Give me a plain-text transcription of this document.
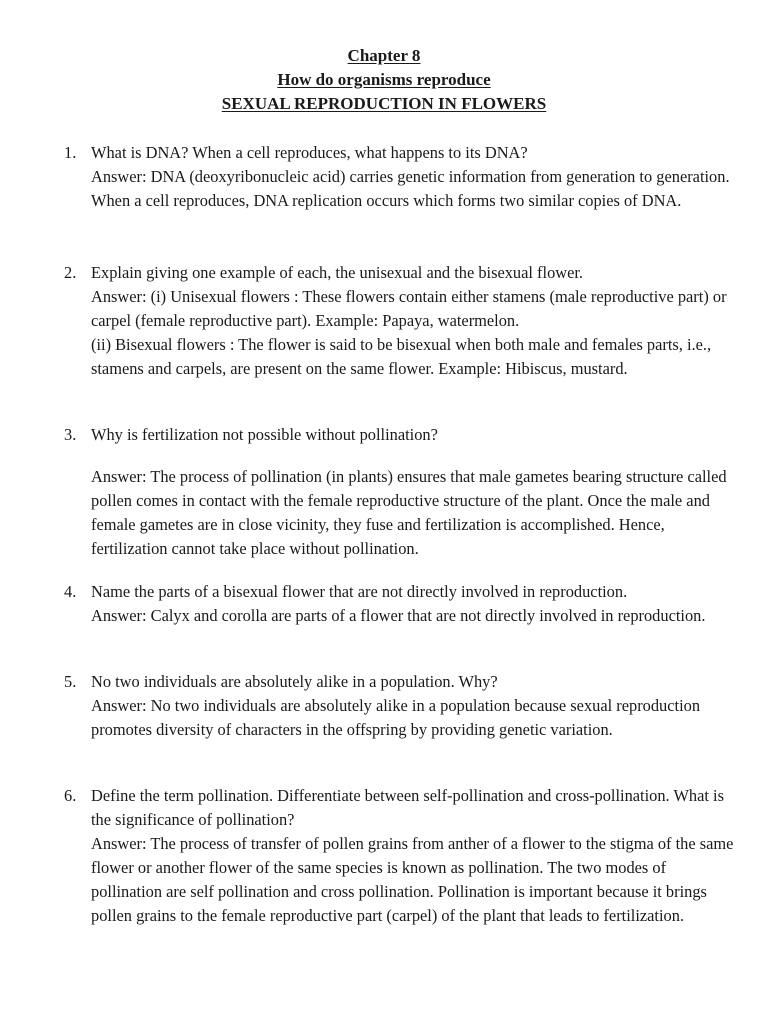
Chapter 8
How do organisms reproduce
SEXUAL REPRODUCTION IN FLOWERS
1. What is DNA? When a cell reproduces, what happens to its DNA?

Answer: DNA (deoxyribonucleic acid) carries genetic information from generation to generation. When a cell reproduces, DNA replication occurs which forms two similar copies of DNA.

2. Explain giving one example of each, the unisexual and the bisexual flower.

Answer: (i) Unisexual flowers : These flowers contain either stamens (male reproductive part) or carpel (female reproductive part). Example: Papaya, watermelon.

(ii) Bisexual flowers : The flower is said to be bisexual when both male and females parts, i.e., stamens and carpels, are present on the same flower. Example: Hibiscus, mustard.

3. Why is fertilization not possible without pollination?

Answer: The process of pollination (in plants) ensures that male gametes bearing structure called pollen comes in contact with the female reproductive structure of the plant. Once the male and female gametes are in close vicinity, they fuse and fertilization is accomplished. Hence, fertilization cannot take place without pollination.

4. Name the parts of a bisexual flower that are not directly involved in reproduction.

Answer: Calyx and corolla are parts of a flower that are not directly involved in reproduction.

5. No two individuals are absolutely alike in a population. Why?

Answer: No two individuals are absolutely alike in a population because sexual reproduction promotes diversity of characters in the offspring by providing genetic variation.

6. Define the term pollination. Differentiate between self-pollination and cross-pollination. What is the significance of pollination?

Answer: The process of transfer of pollen grains from anther of a flower to the stigma of the same flower or another flower of the same species is known as pollination. The two modes of pollination are self pollination and cross pollination. Pollination is important because it brings pollen grains to the female reproductive part (carpel) of the plant that leads to fertilization.
